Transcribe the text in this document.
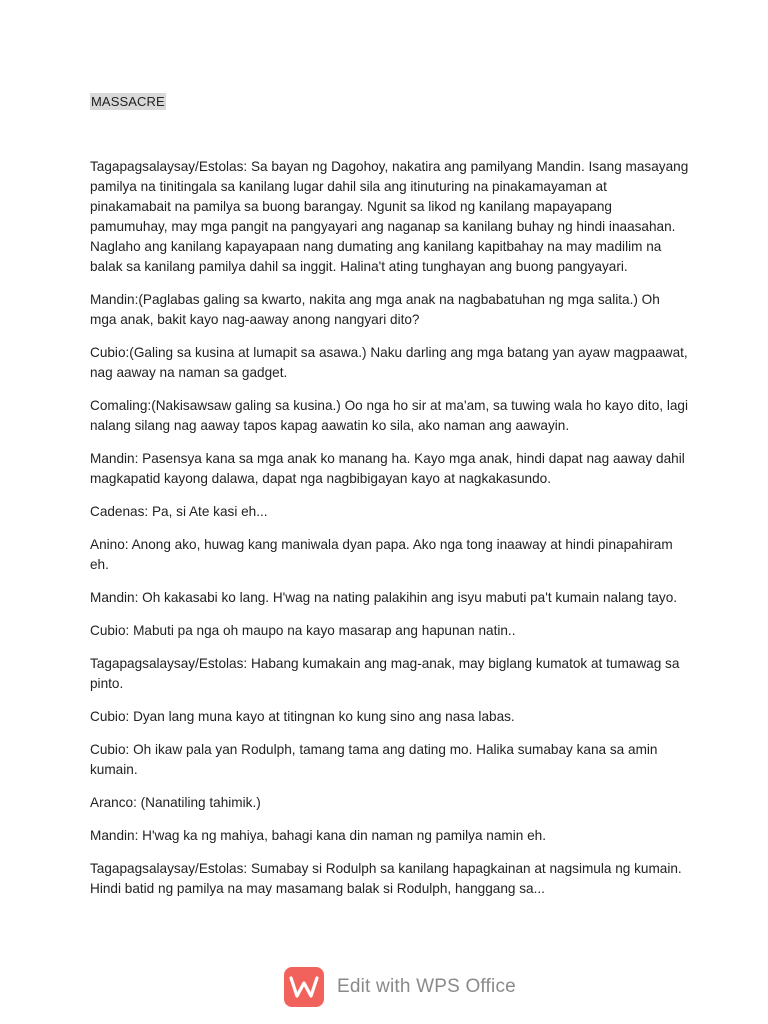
MASSACRE

Tagapagsalaysay/Estolas: Sa bayan ng Dagohoy, nakatira ang pamilyang Mandin. Isang masayang pamilya na tinitingala sa kanilang lugar dahil sila ang itinuturing na pinakamayaman at pinakamabait na pamilya sa buong barangay. Ngunit sa likod ng kanilang mapayapang pamumuhay, may mga pangit na pangyayari ang naganap sa kanilang buhay ng hindi inaasahan. Naglaho ang kanilang kapayapaan nang dumating ang kanilang kapitbahay na may madilim na balak sa kanilang pamilya dahil sa inggit. Halina't ating tunghayan ang buong pangyayari.

Mandin:(Paglabas galing sa kwarto, nakita ang mga anak na nagbabatuhan ng mga salita.) Oh mga anak, bakit kayo nag-aaway anong nangyari dito?

Cubio:(Galing sa kusina at lumapit sa asawa.) Naku darling ang mga batang yan ayaw magpaawat, nag aaway na naman sa gadget.

Comaling:(Nakisawsaw galing sa kusina.) Oo nga ho sir at ma'am, sa tuwing wala ho kayo dito, lagi nalang silang nag aaway tapos kapag aawatin ko sila, ako naman ang aawayin.

Mandin: Pasensya kana sa mga anak ko manang ha. Kayo mga anak, hindi dapat nag aaway dahil magkapatid kayong dalawa, dapat nga nagbibigayan kayo at nagkakasundo.

Cadenas: Pa, si Ate kasi eh...

Anino: Anong ako, huwag kang maniwala dyan papa. Ako nga tong inaaway at hindi pinapahiram eh.

Mandin: Oh kakasabi ko lang. H'wag na nating palakihin ang isyu mabuti pa't kumain nalang tayo.

Cubio: Mabuti pa nga oh maupo na kayo masarap ang hapunan natin..

Tagapagsalaysay/Estolas: Habang kumakain ang mag-anak, may biglang kumatok at tumawag sa pinto.

Cubio: Dyan lang muna kayo at titingnan ko kung sino ang nasa labas.

Cubio: Oh ikaw pala yan Rodulph, tamang tama ang dating mo. Halika sumabay kana sa amin kumain.

Aranco: (Nanatiling tahimik.)

Mandin: H'wag ka ng mahiya, bahagi kana din naman ng pamilya namin eh.

Tagapagsalaysay/Estolas: Sumabay si Rodulph sa kanilang hapagkainan at nagsimula ng kumain. Hindi batid ng pamilya na may masamang balak si Rodulph, hanggang sa...

Edit with WPS Office
